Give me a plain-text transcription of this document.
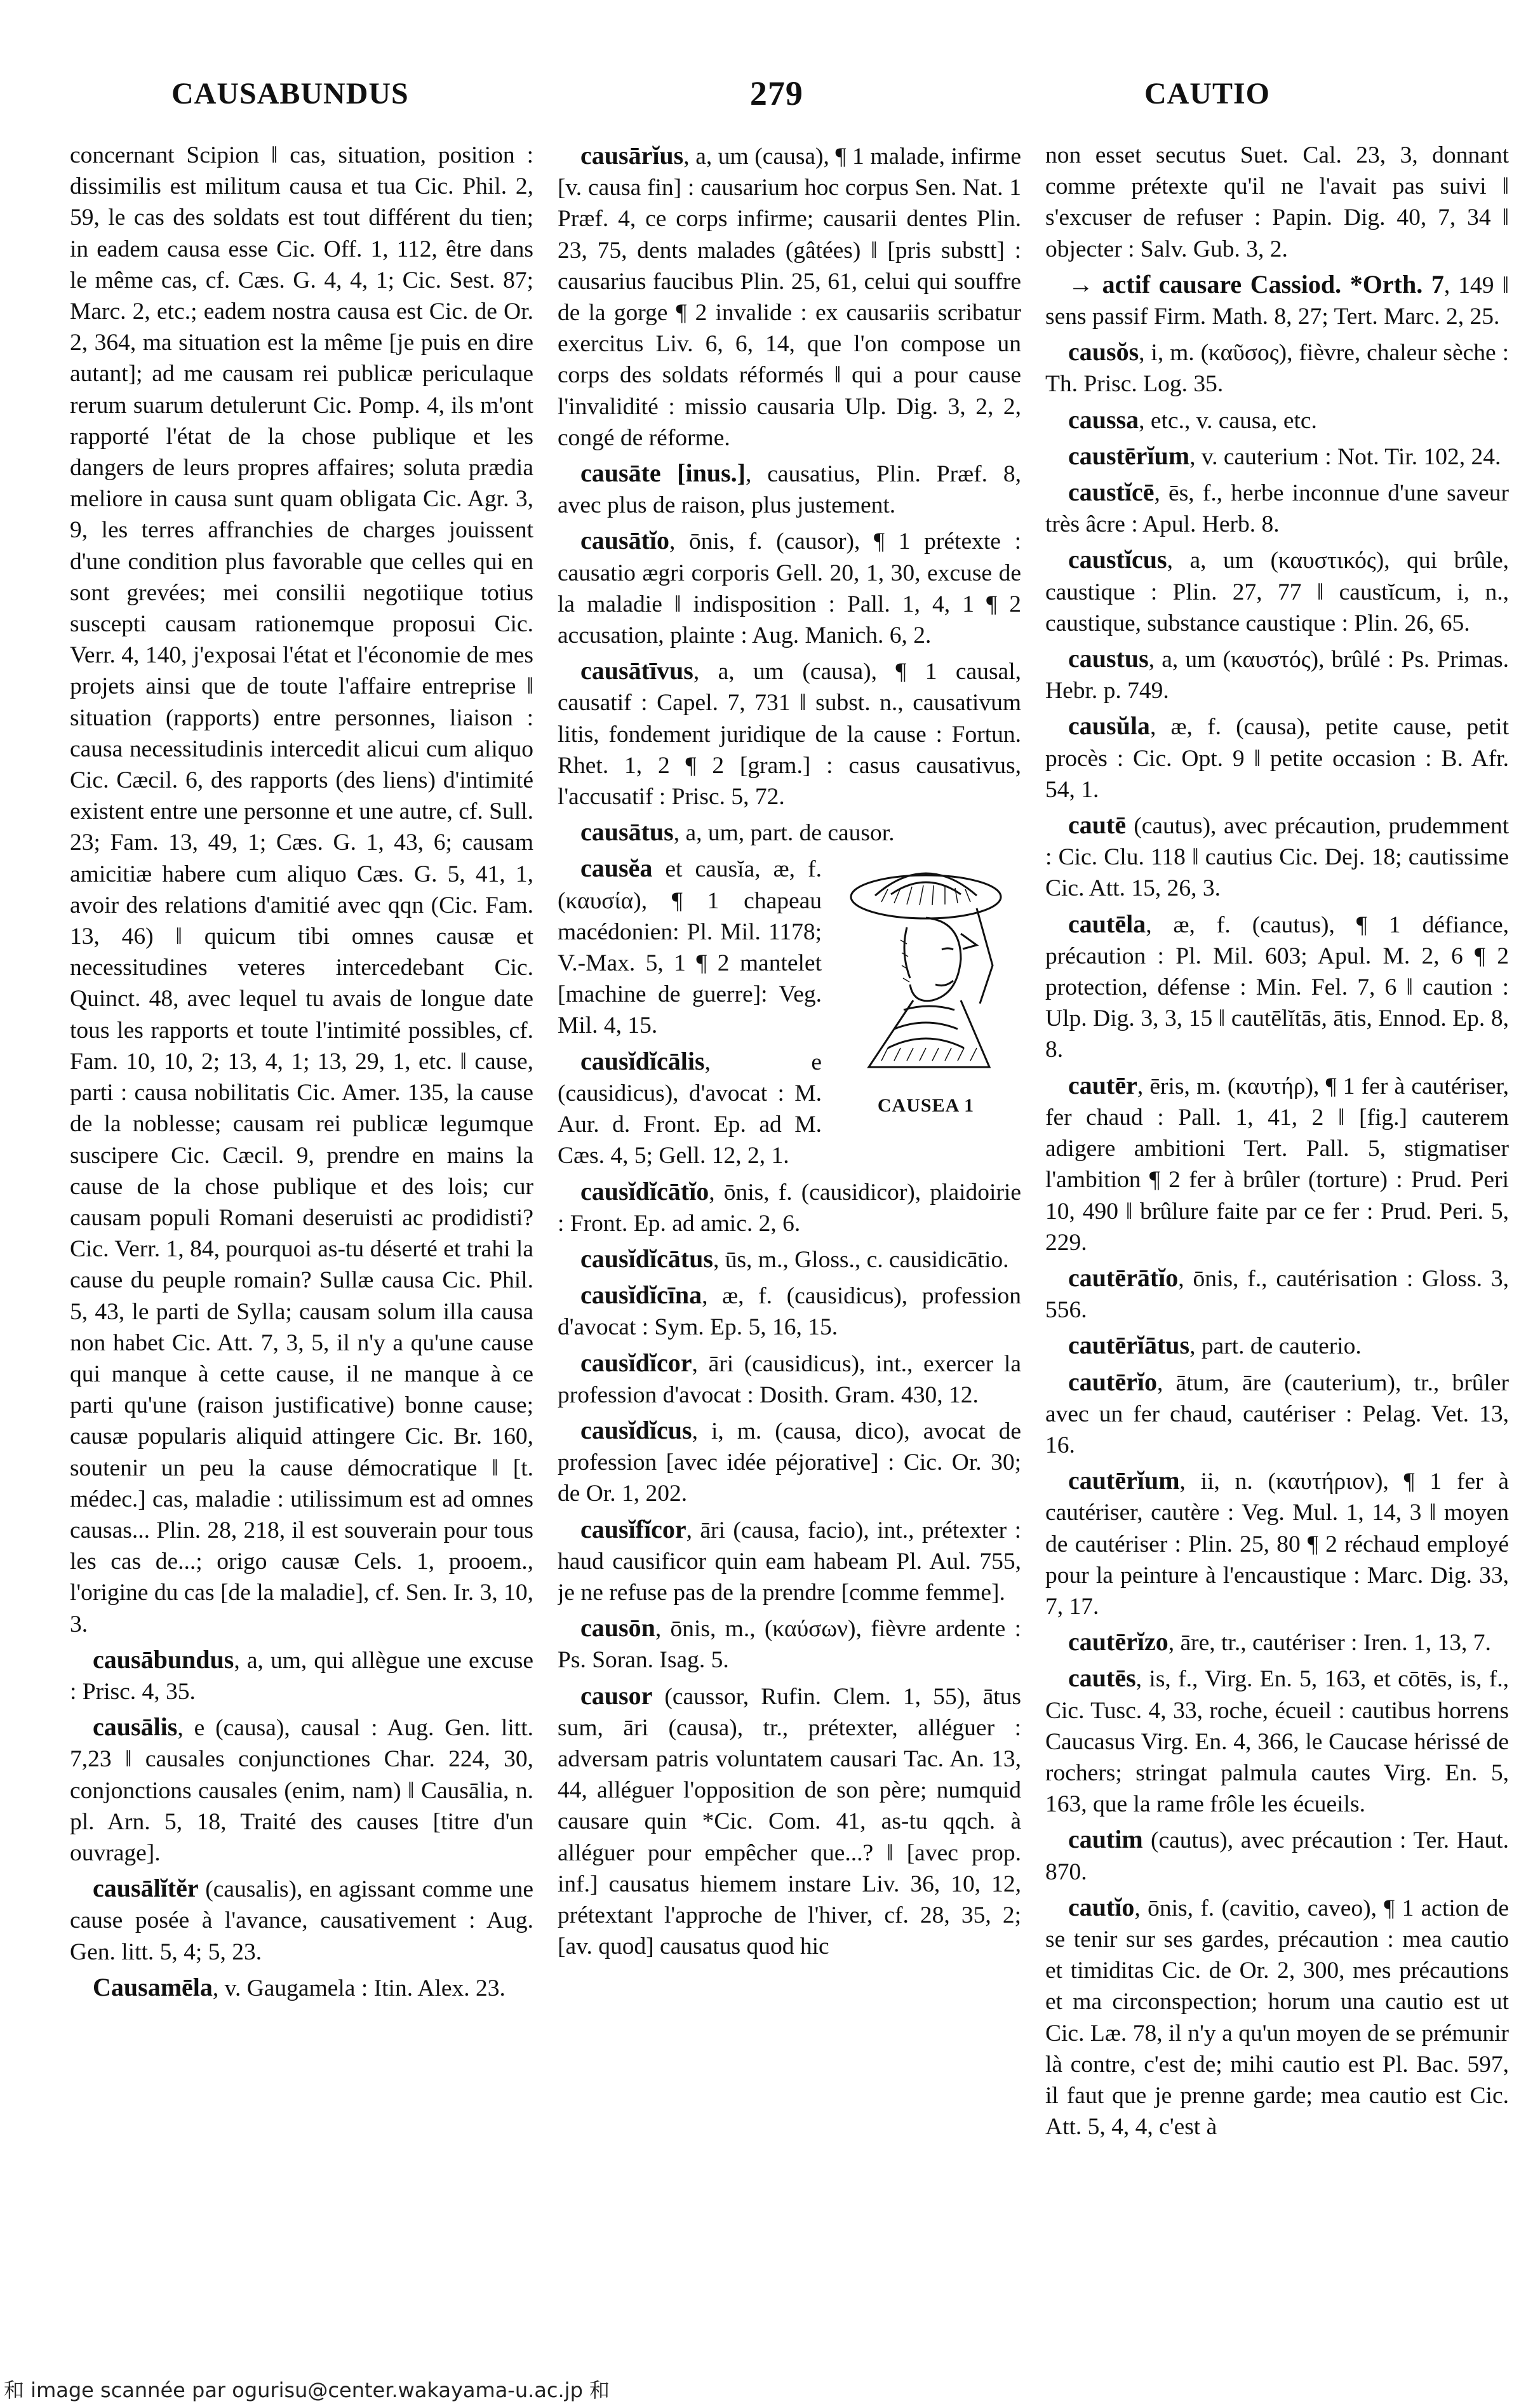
CAUSABUNDUS	279	CAUTIO

concernant Scipion ‖ cas, situation, position : dissimilis est militum causa et tua Cic. Phil. 2, 59, le cas des soldats est tout différent du tien; in eadem causa esse Cic. Off. 1, 112, être dans le même cas, cf. Cæs. G. 4, 4, 1; Cic. Sest. 87; Marc. 2, etc.; eadem nostra causa est Cic. de Or. 2, 364, ma situation est la même [je puis en dire autant]; ad me causam rei publicæ periculaque rerum suarum detulerunt Cic. Pomp. 4, ils m'ont rapporté l'état de la chose publique et les dangers de leurs propres affaires; soluta prædia meliore in causa sunt quam obligata Cic. Agr. 3, 9, les terres affranchies de charges jouissent d'une condition plus favorable que celles qui en sont grevées; mei consilii negotiique totius suscepti causam rationemque proposui Cic. Verr. 4, 140, j'exposai l'état et l'économie de mes projets ainsi que de toute l'affaire entreprise ‖ situation (rapports) entre personnes, liaison : causa necessitudinis intercedit alicui cum aliquo Cic. Cæcil. 6, des rapports (des liens) d'intimité existent entre une personne et une autre, cf. Sull. 23; Fam. 13, 49, 1; Cæs. G. 1, 43, 6; causam amicitiæ habere cum aliquo Cæs. G. 5, 41, 1, avoir des relations d'amitié avec qqn (Cic. Fam. 13, 46) ‖ quicum tibi omnes causæ et necessitudines veteres intercedebant Cic. Quinct. 48, avec lequel tu avais de longue date tous les rapports et toute l'intimité possibles, cf. Fam. 10, 10, 2; 13, 4, 1; 13, 29, 1, etc. ‖ cause, parti : causa nobilitatis Cic. Amer. 135, la cause de la noblesse; causam rei publicæ legumque suscipere Cic. Cæcil. 9, prendre en mains la cause de la chose publique et des lois; cur causam populi Romani deseruisti ac prodidisti? Cic. Verr. 1, 84, pourquoi as-tu déserté et trahi la cause du peuple romain? Sullæ causa Cic. Phil. 5, 43, le parti de Sylla; causam solum illa causa non habet Cic. Att. 7, 3, 5, il n'y a qu'une cause qui manque à cette cause, il ne manque à ce parti qu'une (raison justificative) bonne cause; causæ popularis aliquid attingere Cic. Br. 160, soutenir un peu la cause démocratique ‖ [t. médec.] cas, maladie : utilissimum est ad omnes causas... Plin. 28, 218, il est souverain pour tous les cas de...; origo causæ Cels. 1, prooem., l'origine du cas [de la maladie], cf. Sen. Ir. 3, 10, 3.

causābundus, a, um, qui allègue une excuse : Prisc. 4, 35.

causālis, e (causa), causal : Aug. Gen. litt. 7,23 ‖ causales conjunctiones Char. 224, 30, conjonctions causales (enim, nam) ‖ Causālia, n. pl. Arn. 5, 18, Traité des causes [titre d'un ouvrage].

causālĭtĕr (causalis), en agissant comme une cause posée à l'avance, causativement : Aug. Gen. litt. 5, 4; 5, 23.

Causamēla, v. Gaugamela : Itin. Alex. 23.

causārĭus, a, um (causa), ¶ 1 malade, infirme [v. causa fin] : causarium hoc corpus Sen. Nat. 1 Præf. 4, ce corps infirme; causarii dentes Plin. 23, 75, dents malades (gâtées) ‖ [pris substt] : causarius faucibus Plin. 25, 61, celui qui souffre de la gorge ¶ 2 invalide : ex causariis scribatur exercitus Liv. 6, 6, 14, que l'on compose un corps des soldats réformés ‖ qui a pour cause l'invalidité : missio causaria Ulp. Dig. 3, 2, 2, congé de réforme.

causāte [inus.], causatius, Plin. Præf. 8, avec plus de raison, plus justement.

causātĭo, ōnis, f. (causor), ¶ 1 prétexte : causatio ægri corporis Gell. 20, 1, 30, excuse de la maladie ‖ indisposition : Pall. 1, 4, 1 ¶ 2 accusation, plainte : Aug. Manich. 6, 2.

causātīvus, a, um (causa), ¶ 1 causal, causatif : Capel. 7, 731 ‖ subst. n., causativum litis, fondement juridique de la cause : Fortun. Rhet. 1, 2 ¶ 2 [gram.] : casus causativus, l'accusatif : Prisc. 5, 72.

causātus, a, um, part. de causor.

CAUSEA 1

causĕa et causĭa, æ, f. (καυσία), ¶ 1 chapeau macédonien: Pl. Mil. 1178; V.-Max. 5, 1 ¶ 2 mantelet [machine de guerre]: Veg. Mil. 4, 15.

causĭdĭcālis, e (causidicus), d'avocat : M. Aur. d. Front. Ep. ad M. Cæs. 4, 5; Gell. 12, 2, 1.

causĭdĭcātĭo, ōnis, f. (causidicor), plaidoirie : Front. Ep. ad amic. 2, 6.

causĭdĭcātus, ūs, m., Gloss., c. causidicātio.

causĭdĭcīna, æ, f. (causidicus), profession d'avocat : Sym. Ep. 5, 16, 15.

causĭdĭcor, āri (causidicus), int., exercer la profession d'avocat : Dosith. Gram. 430, 12.

causĭdĭcus, i, m. (causa, dico), avocat de profession [avec idée péjorative] : Cic. Or. 30; de Or. 1, 202.

causĭfĭcor, āri (causa, facio), int., prétexter : haud causificor quin eam habeam Pl. Aul. 755, je ne refuse pas de la prendre [comme femme].

causōn, ōnis, m., (καύσων), fièvre ardente : Ps. Soran. Isag. 5.

causor (caussor, Rufin. Clem. 1, 55), ātus sum, āri (causa), tr., prétexter, alléguer : adversam patris voluntatem causari Tac. An. 13, 44, alléguer l'opposition de son père; numquid causare quin *Cic. Com. 41, as-tu qqch. à alléguer pour empêcher que...? ‖ [avec prop. inf.] causatus hiemem instare Liv. 36, 10, 12, prétextant l'approche de l'hiver, cf. 28, 35, 2; [av. quod] causatus quod hic

non esset secutus Suet. Cal. 23, 3, donnant comme prétexte qu'il ne l'avait pas suivi ‖ s'excuser de refuser : Papin. Dig. 40, 7, 34 ‖ objecter : Salv. Gub. 3, 2.

→ actif causare Cassiod. *Orth. 7, 149 ‖ sens passif Firm. Math. 8, 27; Tert. Marc. 2, 25.

causŏs, i, m. (καῦσος), fièvre, chaleur sèche : Th. Prisc. Log. 35.

caussa, etc., v. causa, etc.

caustērĭum, v. cauterium : Not. Tir. 102, 24.

caustĭcē, ēs, f., herbe inconnue d'une saveur très âcre : Apul. Herb. 8.

caustĭcus, a, um (καυστικός), qui brûle, caustique : Plin. 27, 77 ‖ caustĭcum, i, n., caustique, substance caustique : Plin. 26, 65.

caustus, a, um (καυστός), brûlé : Ps. Primas. Hebr. p. 749.

causŭla, æ, f. (causa), petite cause, petit procès : Cic. Opt. 9 ‖ petite occasion : B. Afr. 54, 1.

cautē (cautus), avec précaution, prudemment : Cic. Clu. 118 ‖ cautius Cic. Dej. 18; cautissime Cic. Att. 15, 26, 3.

cautēla, æ, f. (cautus), ¶ 1 défiance, précaution : Pl. Mil. 603; Apul. M. 2, 6 ¶ 2 protection, défense : Min. Fel. 7, 6 ‖ caution : Ulp. Dig. 3, 3, 15 ‖ cautēlĭtās, ātis, Ennod. Ep. 8, 8.

cautēr, ēris, m. (καυτήρ), ¶ 1 fer à cautériser, fer chaud : Pall. 1, 41, 2 ‖ [fig.] cauterem adigere ambitioni Tert. Pall. 5, stigmatiser l'ambition ¶ 2 fer à brûler (torture) : Prud. Peri 10, 490 ‖ brûlure faite par ce fer : Prud. Peri. 5, 229.

cautērātĭo, ōnis, f., cautérisation : Gloss. 3, 556.

cautērĭātus, part. de cauterio.

cautērĭo, ātum, āre (cauterium), tr., brûler avec un fer chaud, cautériser : Pelag. Vet. 13, 16.

cautērĭum, ii, n. (καυτήριον), ¶ 1 fer à cautériser, cautère : Veg. Mul. 1, 14, 3 ‖ moyen de cautériser : Plin. 25, 80 ¶ 2 réchaud employé pour la peinture à l'encaustique : Marc. Dig. 33, 7, 17.

cautērĭzo, āre, tr., cautériser : Iren. 1, 13, 7.

cautēs, is, f., Virg. En. 5, 163, et cōtēs, is, f., Cic. Tusc. 4, 33, roche, écueil : cautibus horrens Caucasus Virg. En. 4, 366, le Caucase hérissé de rochers; stringat palmula cautes Virg. En. 5, 163, que la rame frôle les écueils.

cautim (cautus), avec précaution : Ter. Haut. 870.

cautĭo, ōnis, f. (cavitio, caveo), ¶ 1 action de se tenir sur ses gardes, précaution : mea cautio et timiditas Cic. de Or. 2, 300, mes précautions et ma circonspection; horum una cautio est ut Cic. Læ. 78, il n'y a qu'un moyen de se prémunir là contre, c'est de; mihi cautio est Pl. Bac. 597, il faut que je prenne garde; mea cautio est Cic. Att. 5, 4, 4, c'est à

和 image scannée par ogurisu@center.wakayama-u.ac.jp 和
